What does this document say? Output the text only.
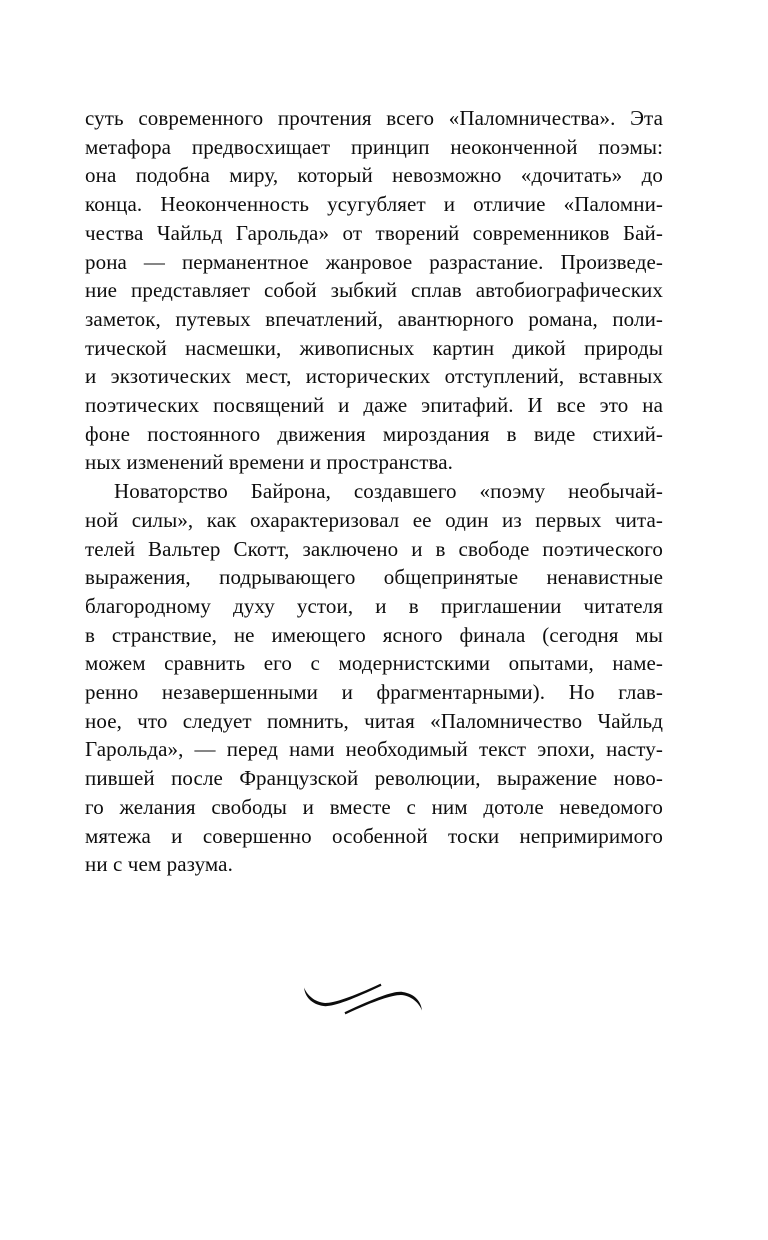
суть современного прочтения всего «Паломничества». Эта
метафора предвосхищает принцип неоконченной поэмы:
она подобна миру, который невозможно «дочитать» до
конца. Неоконченность усугубляет и отличие «Паломни-
чества Чайльд Гарольда» от творений современников Бай-
рона — перманентное жанровое разрастание. Произведе-
ние представляет собой зыбкий сплав автобиографических
заметок, путевых впечатлений, авантюрного романа, поли-
тической насмешки, живописных картин дикой природы
и экзотических мест, исторических отступлений, вставных
поэтических посвящений и даже эпитафий. И все это на
фоне постоянного движения мироздания в виде стихий-
ных изменений времени и пространства.
Новаторство Байрона, создавшего «поэму необычай-
ной силы», как охарактеризовал ее один из первых чита-
телей Вальтер Скотт, заключено и в свободе поэтического
выражения, подрывающего общепринятые ненавистные
благородному духу устои, и в приглашении читателя
в странствие, не имеющего ясного финала (сегодня мы
можем сравнить его с модернистскими опытами, наме-
ренно незавершенными и фрагментарными). Но глав-
ное, что следует помнить, читая «Паломничество Чайльд
Гарольда», — перед нами необходимый текст эпохи, насту-
пившей после Французской революции, выражение ново-
го желания свободы и вместе с ним дотоле неведомого
мятежа и совершенно особенной тоски непримиримого
ни с чем разума.
